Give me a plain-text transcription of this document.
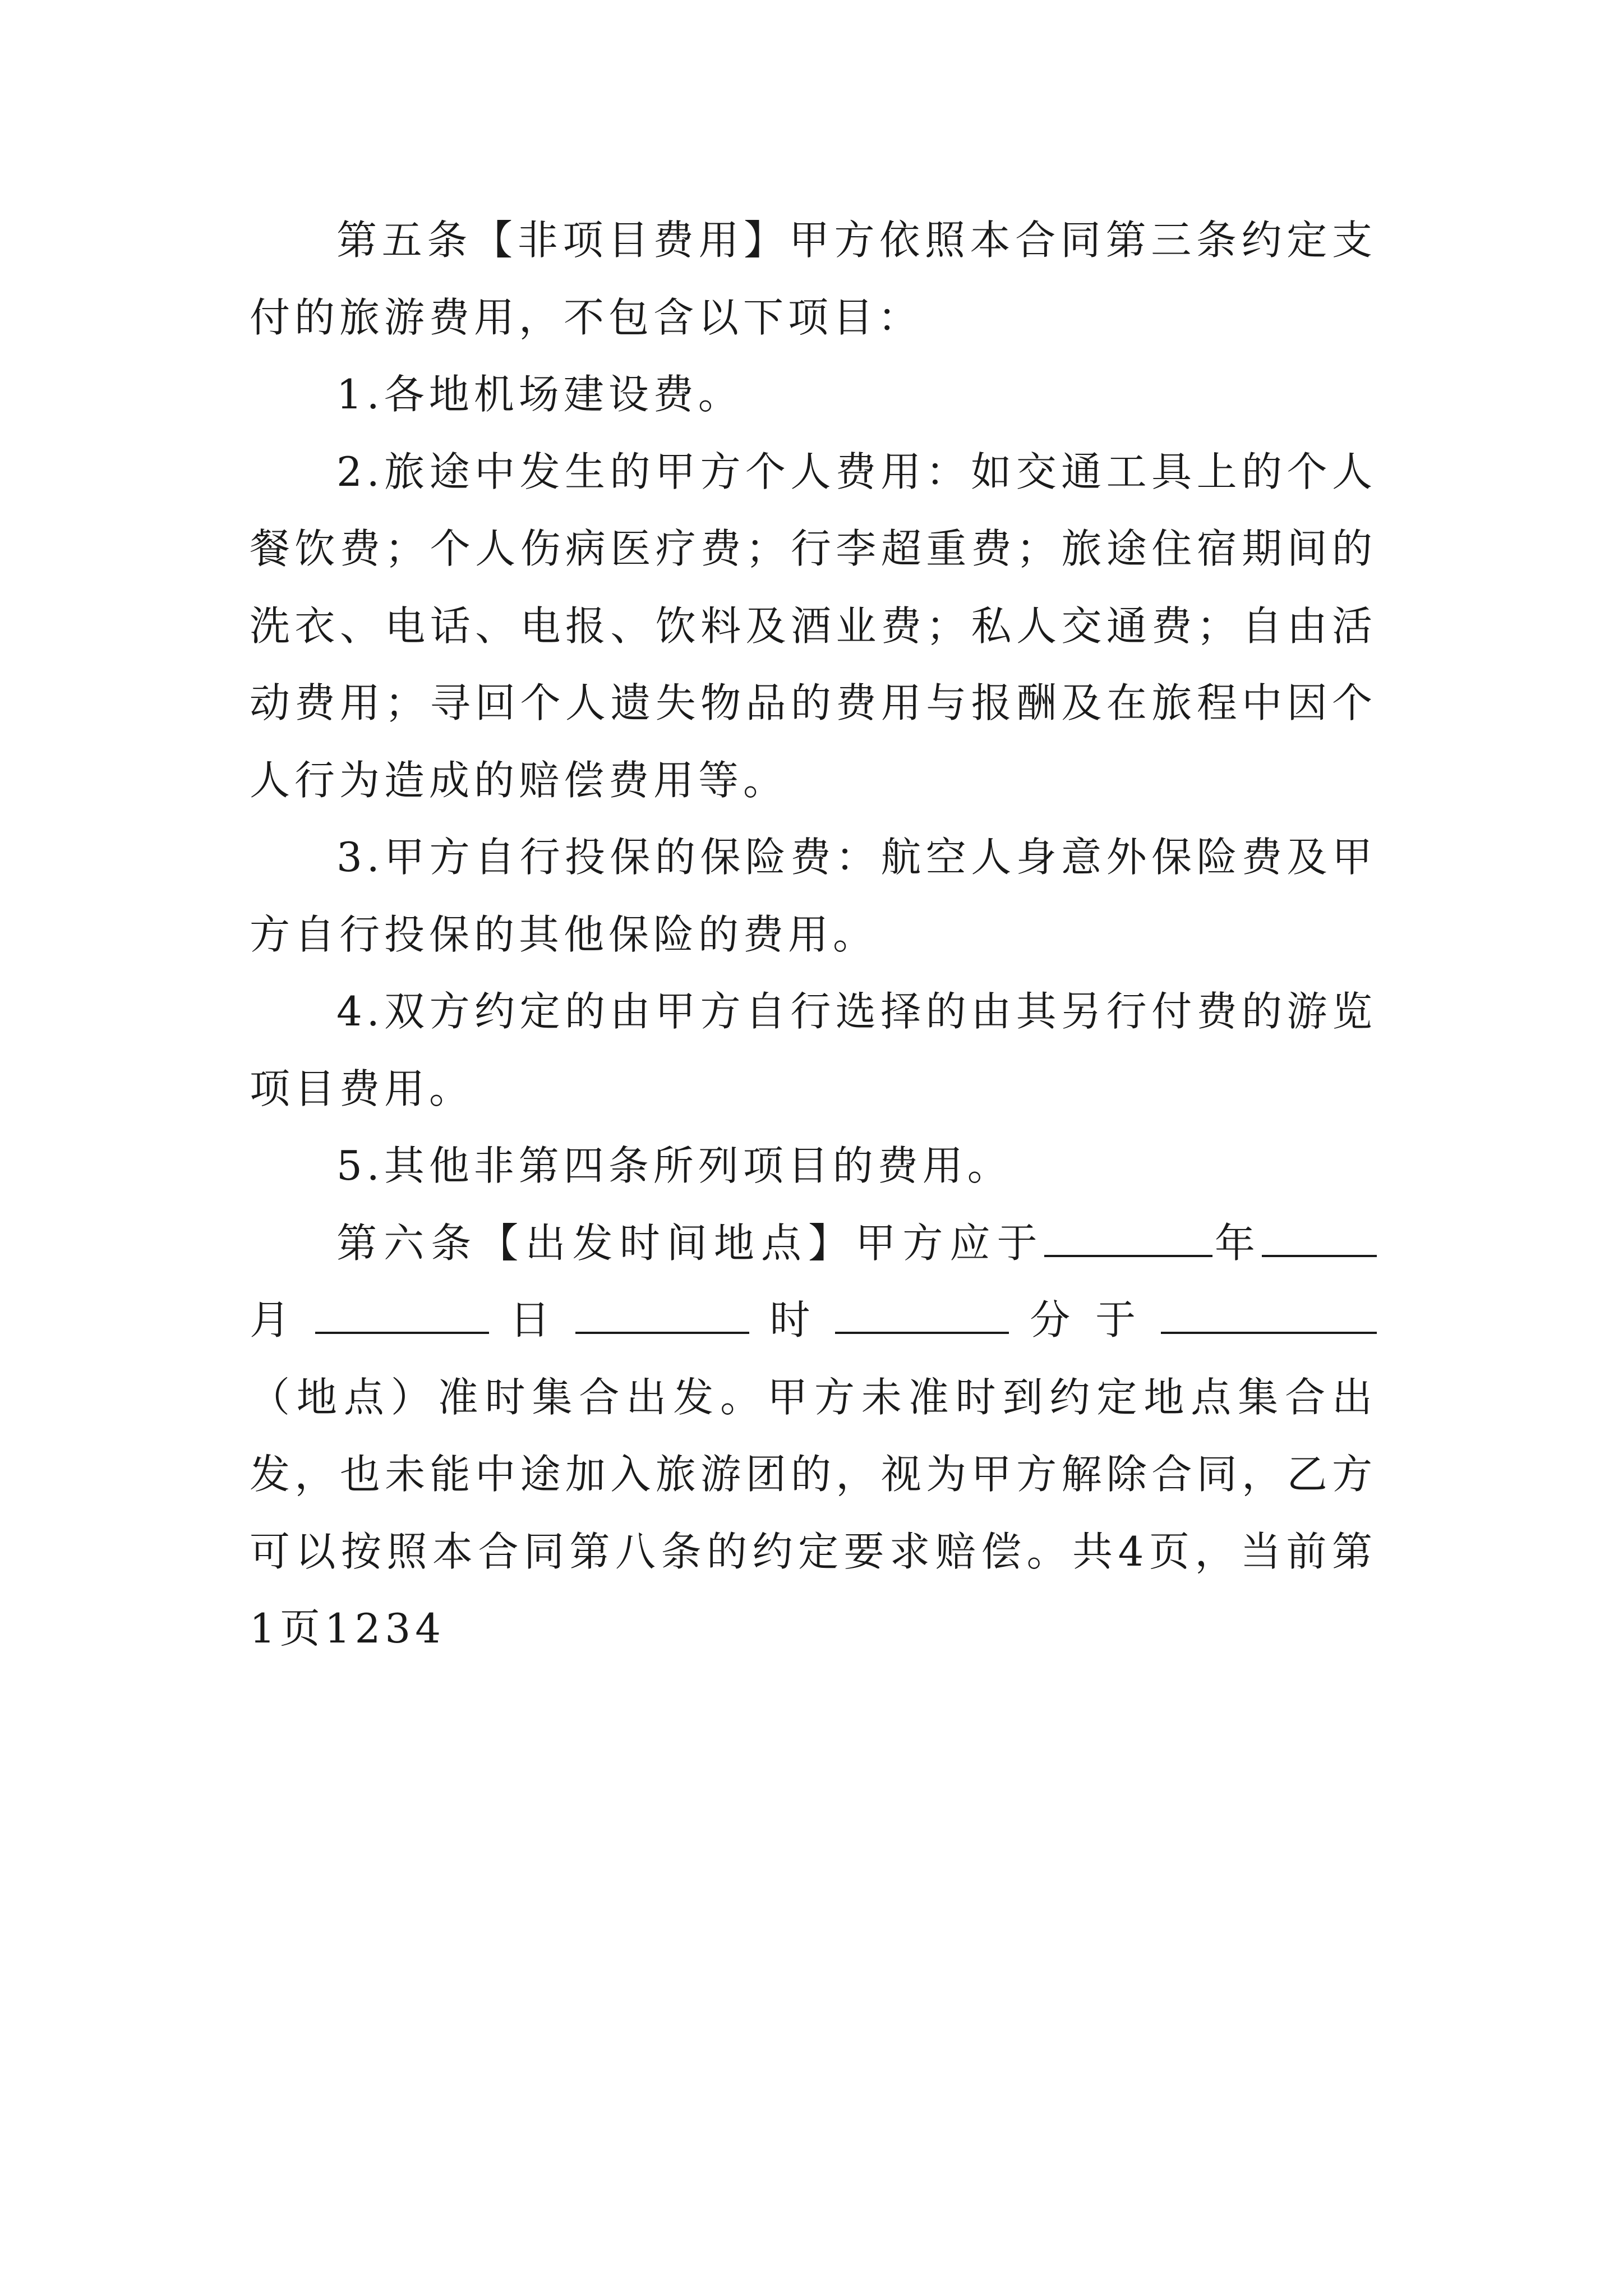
第五条【非项目费用】甲方依照本合同第三条约定支付的旅游费用，不包含以下项目：

1.各地机场建设费。

2.旅途中发生的甲方个人费用：如交通工具上的个人餐饮费；个人伤病医疗费；行李超重费；旅途住宿期间的洗衣、电话、电报、饮料及酒业费；私人交通费；自由活动费用；寻回个人遗失物品的费用与报酬及在旅程中因个人行为造成的赔偿费用等。

3.甲方自行投保的保险费：航空人身意外保险费及甲方自行投保的其他保险的费用。

4.双方约定的由甲方自行选择的由其另行付费的游览项目费用。

5.其他非第四条所列项目的费用。

第六条【出发时间地点】甲方应于	年月	日	时	分于（地点）准时集合出发。甲方未准时到约定地点集合出发，也未能中途加入旅游团的，视为甲方解除合同，乙方可以按照本合同第八条的约定要求赔偿。共4页，当前第1页1234
